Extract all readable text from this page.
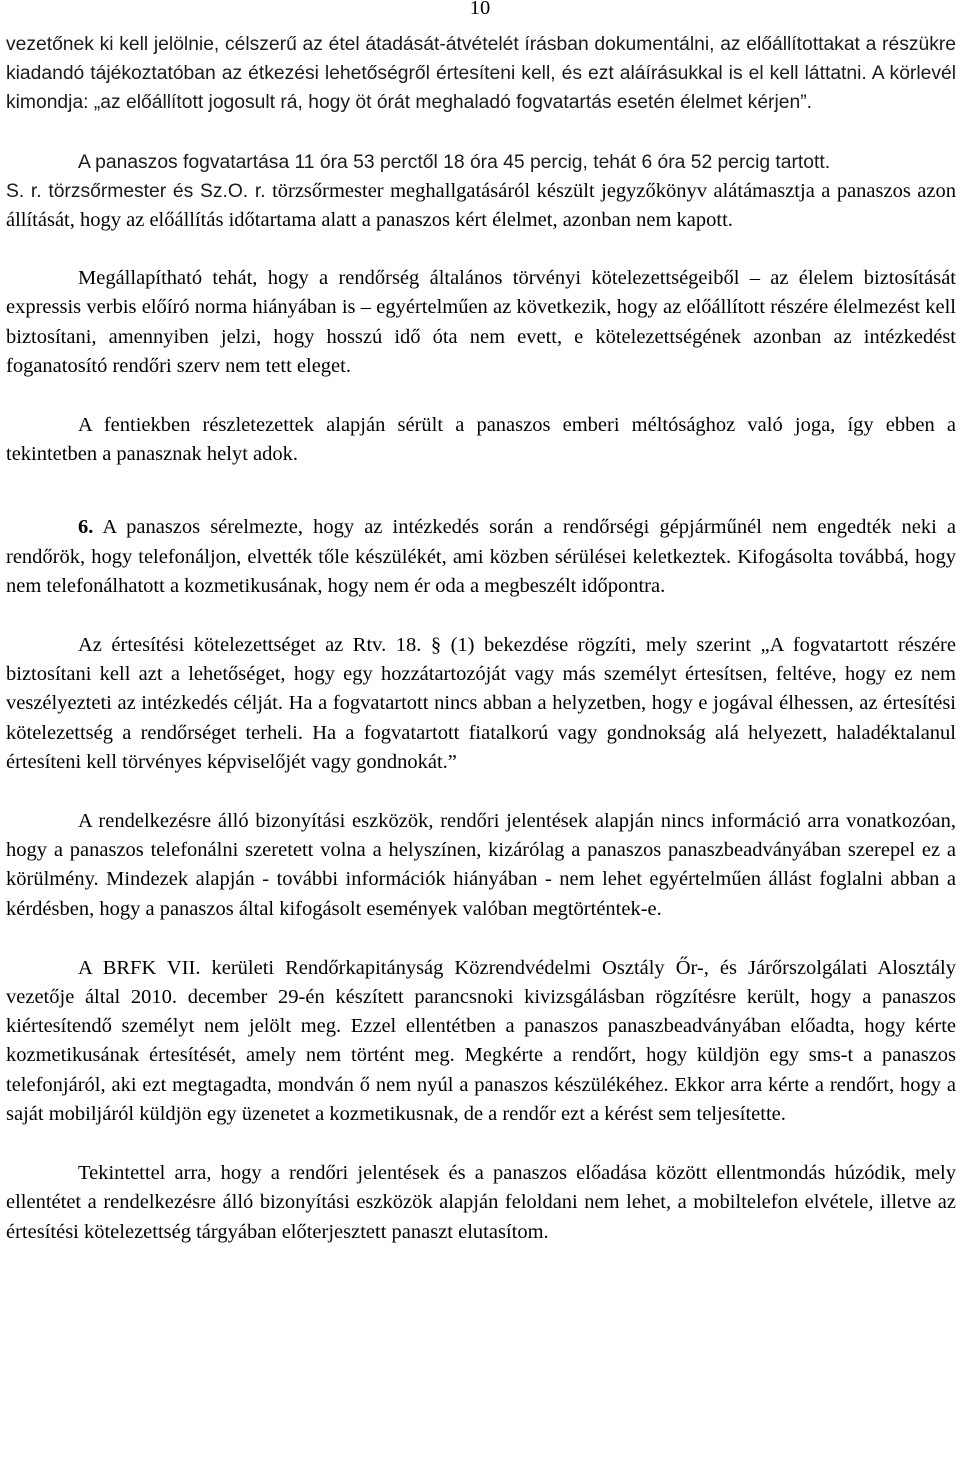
10

vezetőnek ki kell jelölnie, célszerű az étel átadását-átvételét írásban dokumentálni, az előállítottakat a részükre kiadandó tájékoztatóban az étkezési lehetőségről értesíteni kell, és ezt aláírásukkal is el kell láttatni. A körlevél kimondja: „az előállított jogosult rá, hogy öt órát meghaladó fogvatartás esetén élelmet kérjen”.

A panaszos fogvatartása 11 óra 53 perctől 18 óra 45 percig, tehát 6 óra 52 percig tartott.

S. r. törzsőrmester és Sz.O. r. törzsőrmester meghallgatásáról készült jegyzőkönyv alátámasztja a panaszos azon állítását, hogy az előállítás időtartama alatt a panaszos kért élelmet, azonban nem kapott.

Megállapítható tehát, hogy a rendőrség általános törvényi kötelezettségeiből – az élelem biztosítását expressis verbis előíró norma hiányában is – egyértelműen az következik, hogy az előállított részére élelmezést kell biztosítani, amennyiben jelzi, hogy hosszú idő óta nem evett, e kötelezettségének azonban az intézkedést foganatosító rendőri szerv nem tett eleget.

A fentiekben részletezettek alapján sérült a panaszos emberi méltósághoz való joga, így ebben a tekintetben a panasznak helyt adok.

6. A panaszos sérelmezte, hogy az intézkedés során a rendőrségi gépjárműnél nem engedték neki a rendőrök, hogy telefonáljon, elvették tőle készülékét, ami közben sérülései keletkeztek. Kifogásolta továbbá, hogy nem telefonálhatott a kozmetikusának, hogy nem ér oda a megbeszélt időpontra.

Az értesítési kötelezettséget az Rtv. 18. § (1) bekezdése rögzíti, mely szerint „A fogvatartott részére biztosítani kell azt a lehetőséget, hogy egy hozzátartozóját vagy más személyt értesítsen, feltéve, hogy ez nem veszélyezteti az intézkedés célját. Ha a fogvatartott nincs abban a helyzetben, hogy e jogával élhessen, az értesítési kötelezettség a rendőrséget terheli. Ha a fogvatartott fiatalkorú vagy gondnokság alá helyezett, haladéktalanul értesíteni kell törvényes képviselőjét vagy gondnokát.”

A rendelkezésre álló bizonyítási eszközök, rendőri jelentések alapján nincs információ arra vonatkozóan, hogy a panaszos telefonálni szeretett volna a helyszínen, kizárólag a panaszos panaszbeadványában szerepel ez a körülmény. Mindezek alapján - további információk hiányában - nem lehet egyértelműen állást foglalni abban a kérdésben, hogy a panaszos által kifogásolt események valóban megtörténtek-e.

A BRFK VII. kerületi Rendőrkapitányság Közrendvédelmi Osztály Őr-, és Járőrszolgálati Alosztály vezetője által 2010. december 29-én készített parancsnoki kivizsgálásban rögzítésre került, hogy a panaszos kiértesítendő személyt nem jelölt meg. Ezzel ellentétben a panaszos panaszbeadványában előadta, hogy kérte kozmetikusának értesítését, amely nem történt meg. Megkérte a rendőrt, hogy küldjön egy sms-t a panaszos telefonjáról, aki ezt megtagadta, mondván ő nem nyúl a panaszos készülékéhez. Ekkor arra kérte a rendőrt, hogy a saját mobiljáról küldjön egy üzenetet a kozmetikusnak, de a rendőr ezt a kérést sem teljesítette.

Tekintettel arra, hogy a rendőri jelentések és a panaszos előadása között ellentmondás húzódik, mely ellentétet a rendelkezésre álló bizonyítási eszközök alapján feloldani nem lehet, a mobiltelefon elvétele, illetve az értesítési kötelezettség tárgyában előterjesztett panaszt elutasítom.
